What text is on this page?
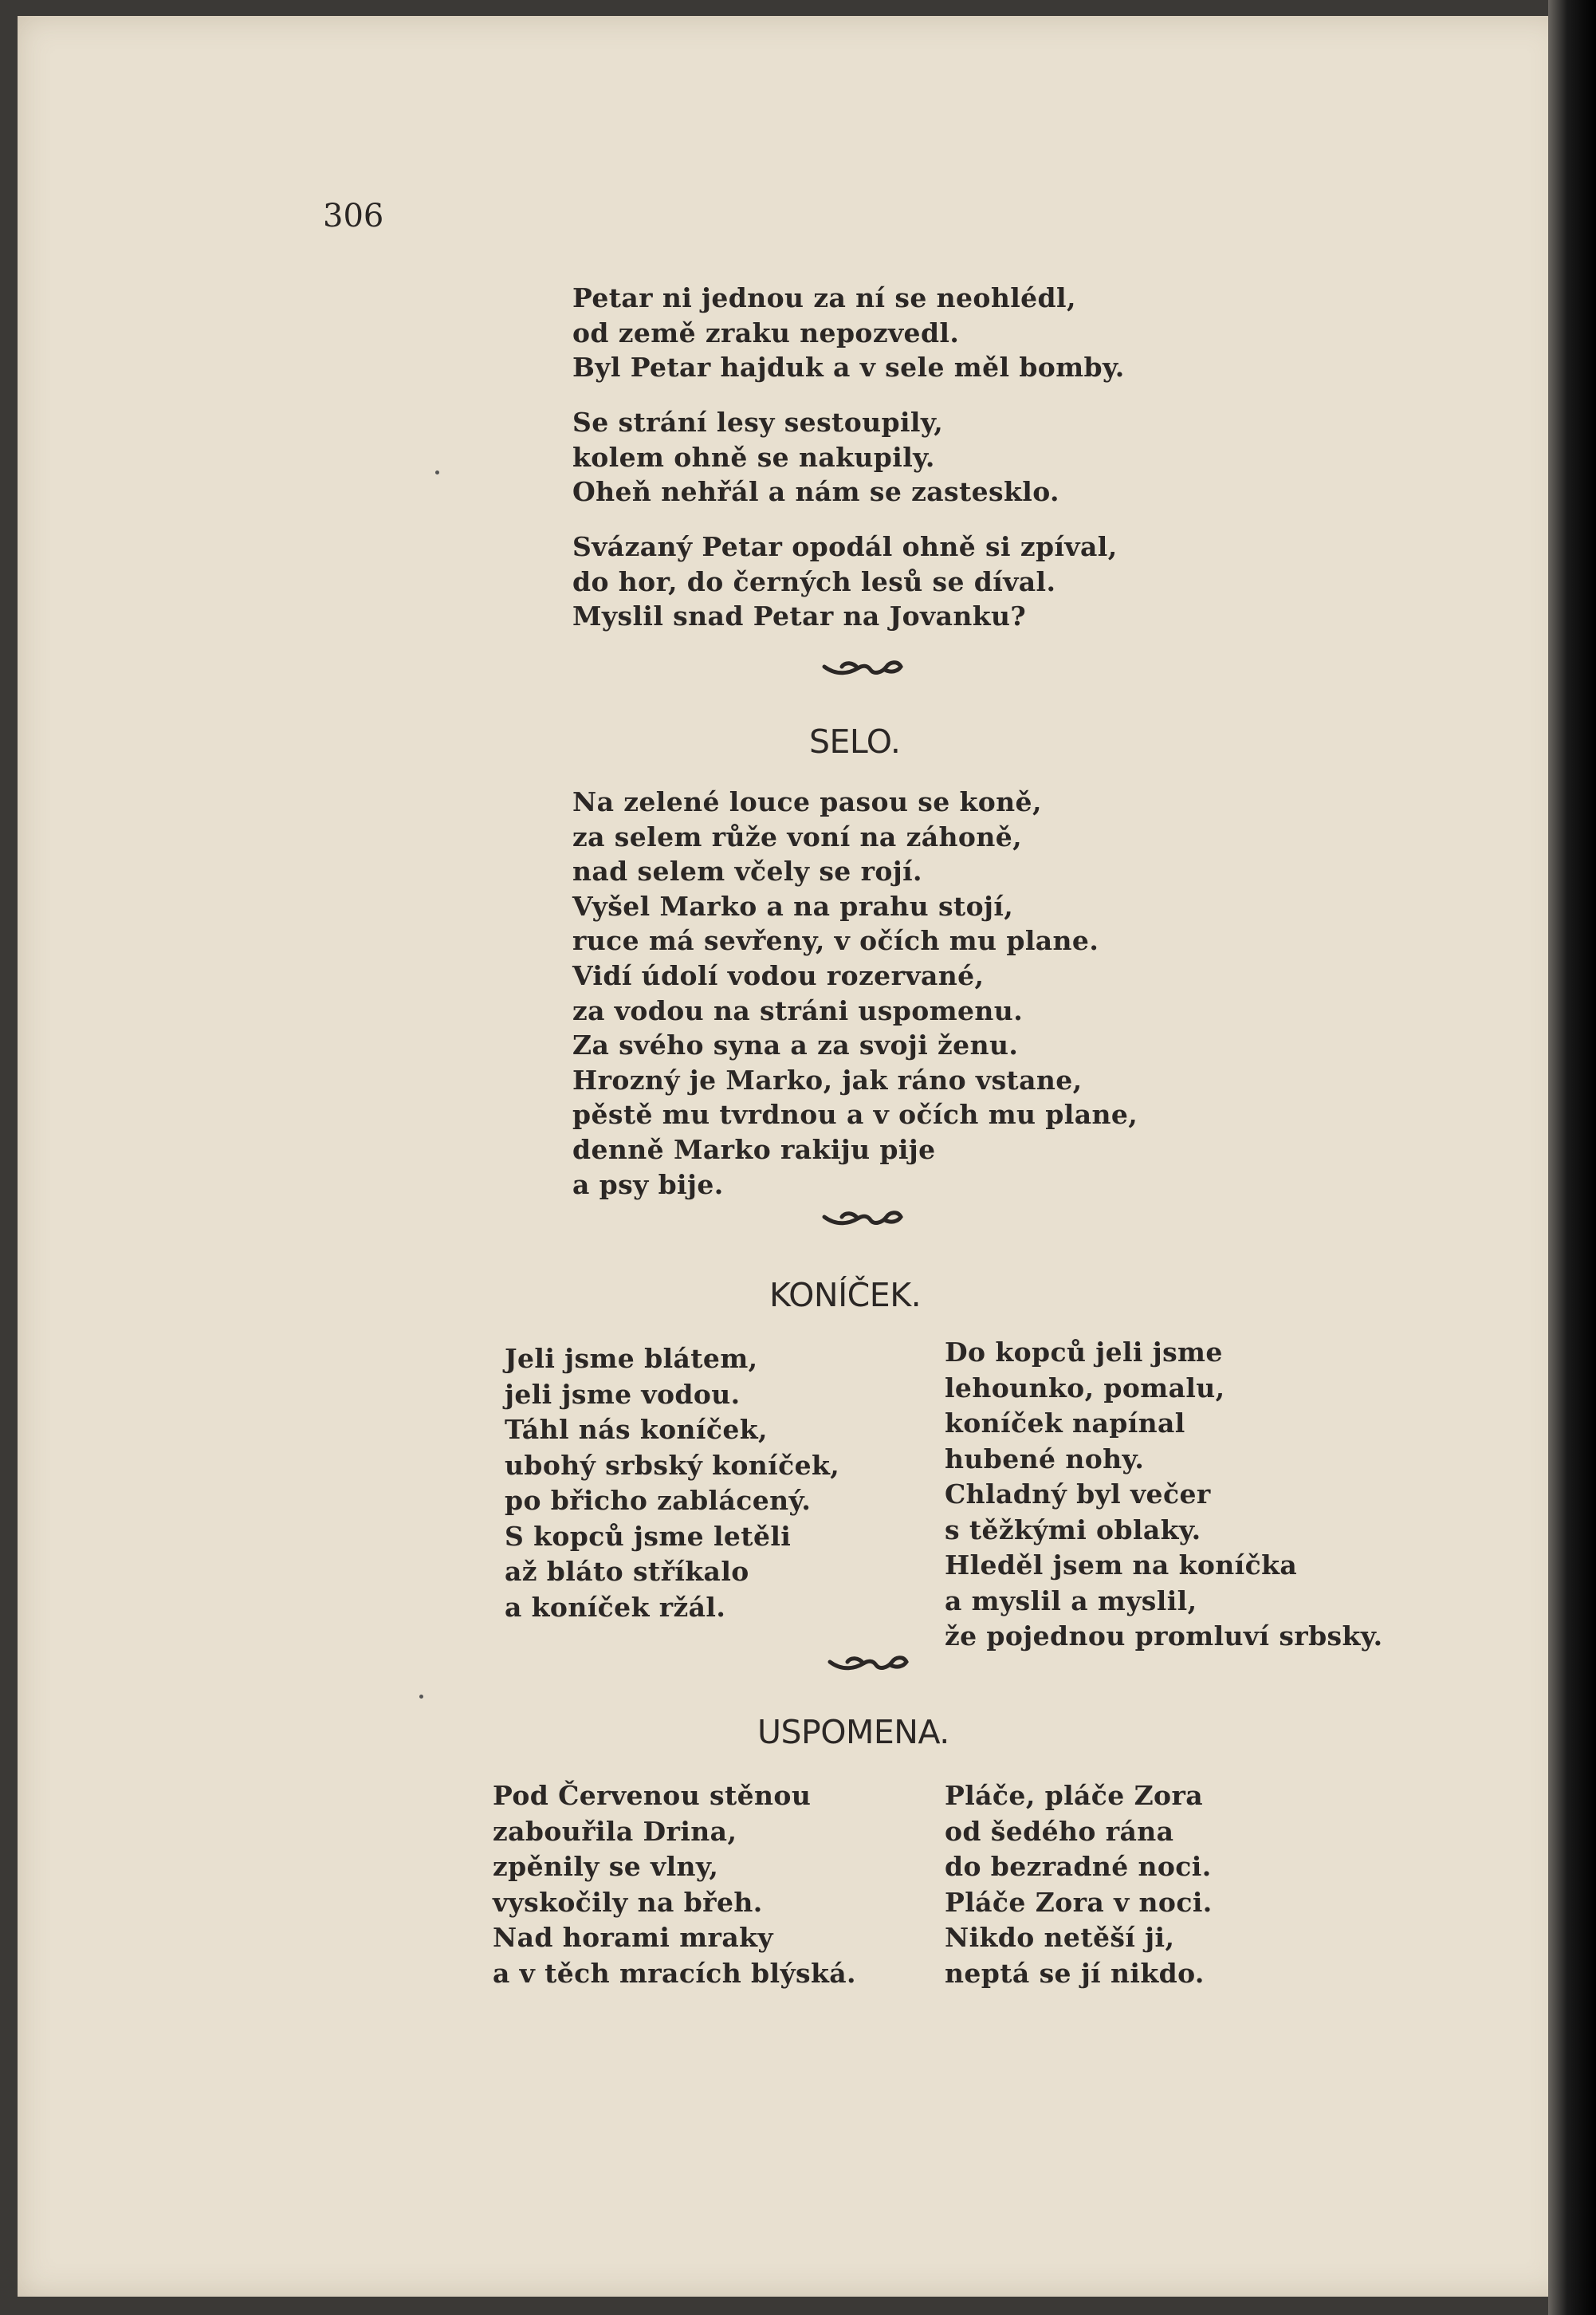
306
Petar ni jednou za ní se neohlédl,
od země zraku nepozvedl.
Byl Petar hajduk a v sele měl bomby.
Se strání lesy sestoupily,
kolem ohně se nakupily.
Oheň nehřál a nám se zastesklo.
Svázaný Petar opodál ohně si zpíval,
do hor, do černých lesů se díval.
Myslil snad Petar na Jovanku?
SELO.
Na zelené louce pasou se koně,
za selem růže voní na záhoně,
nad selem včely se rojí.
Vyšel Marko a na prahu stojí,
ruce má sevřeny, v očích mu plane.
Vidí údolí vodou rozervané,
za vodou na stráni uspomenu.
Za svého syna a za svoji ženu.
Hrozný je Marko, jak ráno vstane,
pěstě mu tvrdnou a v očích mu plane,
denně Marko rakiju pije
a psy bije.
KONÍČEK.
Jeli jsme blátem,
jeli jsme vodou.
Táhl nás koníček,
ubohý srbský koníček,
po břicho zablácený.
S kopců jsme letěli
až bláto stříkalo
a koníček ržál.
Do kopců jeli jsme
lehounko, pomalu,
koníček napínal
hubené nohy.
Chladný byl večer
s těžkými oblaky.
Hleděl jsem na koníčka
a myslil a myslil,
že pojednou promluví srbsky.
USPOMENA.
Pod Červenou stěnou
zabouřila Drina,
zpěnily se vlny,
vyskočily na břeh.
Nad horami mraky
a v těch mracích blýská.
Pláče, pláče Zora
od šedého rána
do bezradné noci.
Pláče Zora v noci.
Nikdo netěší ji,
neptá se jí nikdo.
